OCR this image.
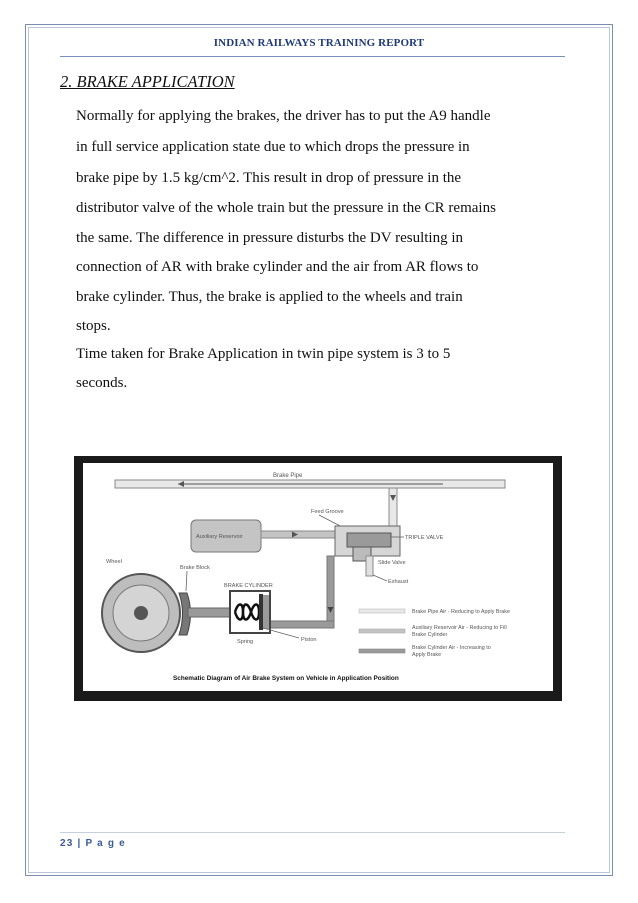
INDIAN RAILWAYS TRAINING REPORT
2. BRAKE APPLICATION
Normally for applying the brakes, the driver has to put the A9 handle
in full service application state due to which drops the pressure in
brake pipe by 1.5 kg/cm^2. This result in drop of pressure in the
distributor valve of the whole train but the pressure in the CR remains
the same. The difference in pressure disturbs the DV resulting in
connection of AR with brake cylinder and the air from AR flows to
brake cylinder. Thus, the brake is applied to the wheels and train
stops.
Time taken for Brake Application in twin pipe system is 3 to 5
seconds.
Brake Pipe
Auxiliary Reservoir
Feed Groove
TRIPLE VALVE
Slide Valve
Exhaust
Wheel
Brake Block
BRAKE CYLINDER
Spring	Piston
Brake Pipe Air - Reducing to Apply Brake
Auxiliary Reservoir Air - Reducing to Fill
Brake Cylinder
Brake Cylinder Air - Increasing to
Apply Brake
Schematic Diagram of Air Brake System on Vehicle in Application Position
23 | P a g e
